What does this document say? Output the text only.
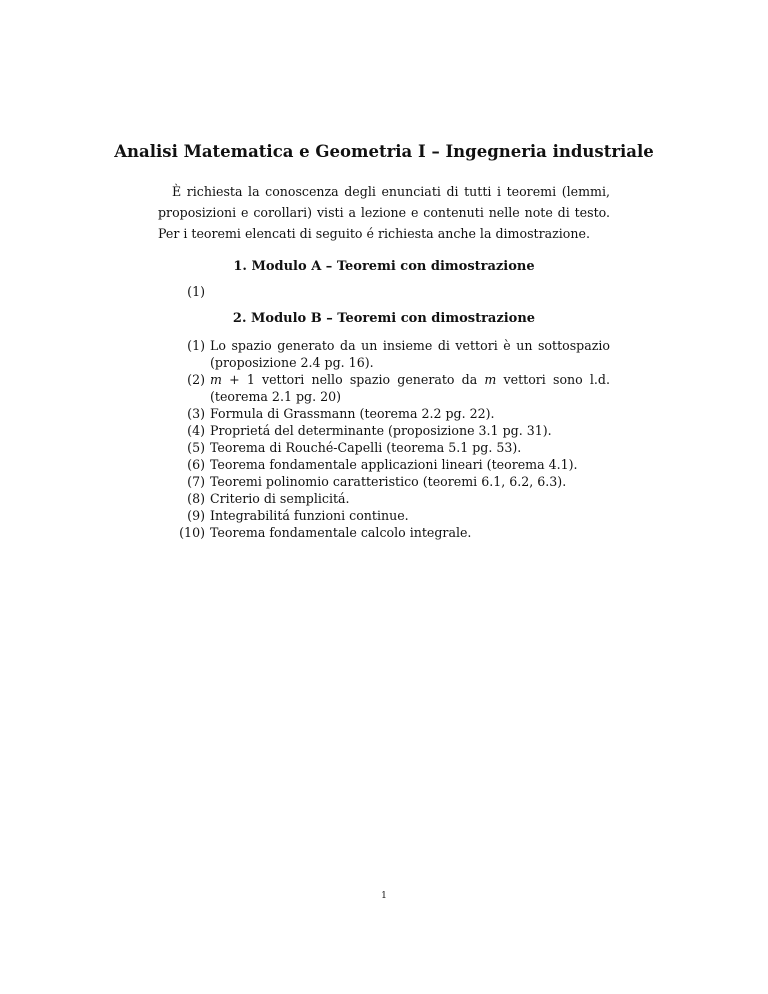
Analisi Matematica e Geometria I – Ingegneria industriale

È richiesta la conoscenza degli enunciati di tutti i teoremi (lemmi, proposizioni e corollari) visti a lezione e contenuti nelle note di testo. Per i teoremi elencati di seguito é richiesta anche la dimostrazione.

1. Modulo A – Teoremi con dimostrazione
(1)
2. Modulo B – Teoremi con dimostrazione
(1) Lo spazio generato da un insieme di vettori è un sottospazio (proposizione 2.4 pg. 16).
(2) m + 1 vettori nello spazio generato da m vettori sono l.d. (teorema 2.1 pg. 20)
(3) Formula di Grassmann (teorema 2.2 pg. 22).
(4) Proprietá del determinante (proposizione 3.1 pg. 31).
(5) Teorema di Rouché-Capelli (teorema 5.1 pg. 53).
(6) Teorema fondamentale applicazioni lineari (teorema 4.1).
(7) Teoremi polinomio caratteristico (teoremi 6.1, 6.2, 6.3).
(8) Criterio di semplicitá.
(9) Integrabilitá funzioni continue.
(10) Teorema fondamentale calcolo integrale.
1
